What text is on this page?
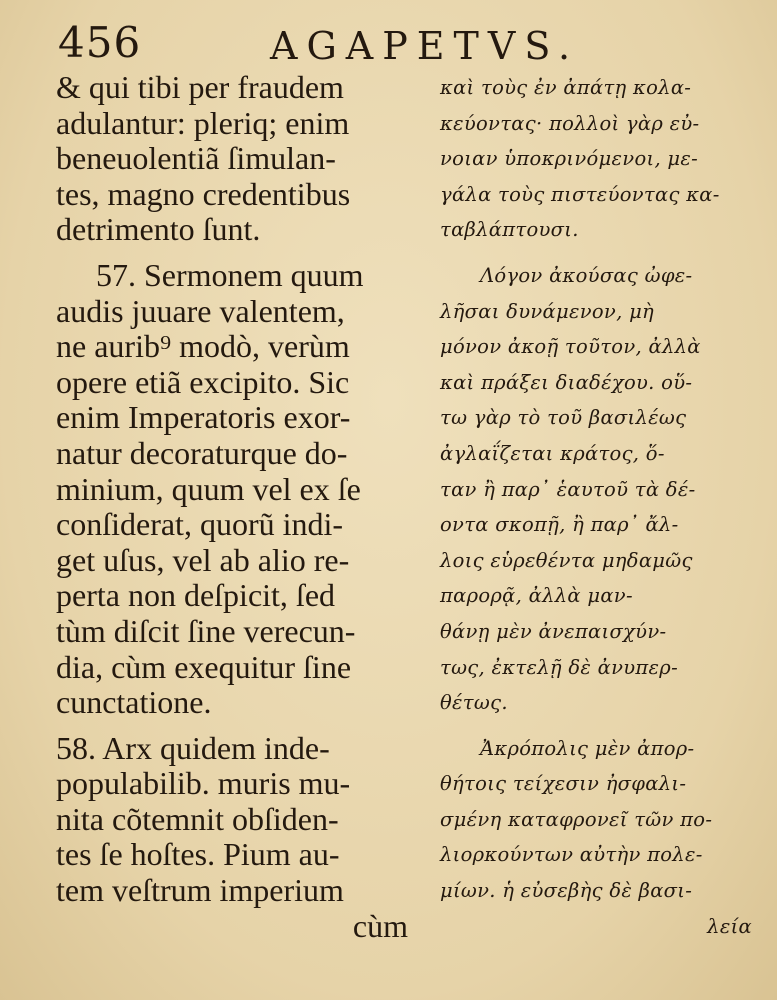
456	AGAPETVS.
& qui tibi per fraudem
adulantur: pleriq; enim
beneuolentiã ſimulan-
tes, magno credentibus
detrimento ſunt.
57. Sermonem quum
audis juuare valentem,
ne aurib⁹ modò, verùm
opere etiã excipito. Sic
enim Imperatoris exor-
natur decoraturque do-
minium, quum vel ex ſe
conſiderat, quorũ indi-
get uſus, vel ab alio re-
perta non deſpicit, ſed
tùm diſcit ſine verecun-
dia, cùm exequitur ſine
cunctatione.
58. Arx quidem inde-
populabilib. muris mu-
nita cõtemnit obſiden-
tes ſe hoſtes. Pium au-
tem veſtrum imperium
cùm
καὶ τοὺς ἐν ἀπάτῃ κολα-
κεύοντας· πολλοὶ γὰρ εὐ-
νοιαν ὑποκρινόμενοι, με-
γάλα τοὺς πιστεύοντας κα-
ταβλάπτουσι.
Λόγον ἀκούσας ὠφε-
λῆσαι δυνάμενον, μὴ
μόνον ἀκοῇ τοῦτον, ἀλλὰ
καὶ πράξει διαδέχου. οὕ-
τω γὰρ τὸ τοῦ βασιλέως
ἀγλαΐζεται κράτος, ὅ-
ταν ἢ παρ᾽ ἑαυτοῦ τὰ δέ-
οντα σκοπῇ, ἢ παρ᾽ ἄλ-
λοις εὑρεθέντα μηδαμῶς
παρορᾷ, ἀλλὰ μαν-
θάνῃ μὲν ἀνεπαισχύν-
τως, ἐκτελῇ δὲ ἀνυπερ-
θέτως.
Ἀκρόπολις μὲν ἀπορ-
θήτοις τείχεσιν ἠσφαλι-
σμένη καταφρονεῖ τῶν πο-
λιορκούντων αὐτὴν πολε-
μίων. ἡ εὐσεβὴς δὲ βασι-
λεία
